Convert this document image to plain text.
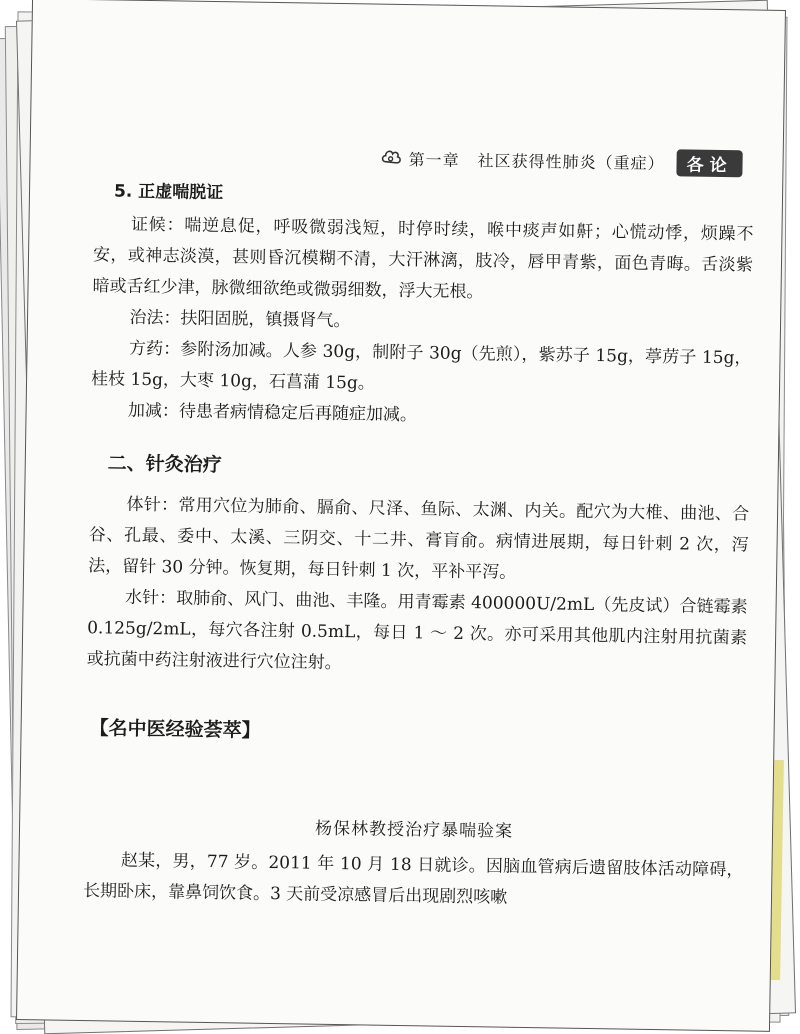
第一章 社区获得性肺炎（重症）	各论
5. 正虚喘脱证

证候：喘逆息促，呼吸微弱浅短，时停时续，喉中痰声如鼾；心慌动悸，烦躁不安，或神志淡漠，甚则昏沉模糊不清，大汗淋漓，肢冷，唇甲青紫，面色青晦。舌淡紫暗或舌红少津，脉微细欲绝或微弱细数，浮大无根。

治法：扶阳固脱，镇摄肾气。

方药：参附汤加减。人参 30g，制附子 30g（先煎），紫苏子 15g，葶苈子 15g，桂枝 15g，大枣 10g，石菖蒲 15g。

加减：待患者病情稳定后再随症加减。

二、针灸治疗

体针：常用穴位为肺俞、膈俞、尺泽、鱼际、太渊、内关。配穴为大椎、曲池、合谷、孔最、委中、太溪、三阴交、十二井、膏肓俞。病情进展期，每日针刺 2 次，泻法，留针 30 分钟。恢复期，每日针刺 1 次，平补平泻。

水针：取肺俞、风门、曲池、丰隆。用青霉素 400000U/2mL（先皮试）合链霉素 0.125g/2mL，每穴各注射 0.5mL，每日 1 ～ 2 次。亦可采用其他肌内注射用抗菌素或抗菌中药注射液进行穴位注射。

【名中医经验荟萃】
杨保林教授治疗暴喘验案

赵某，男，77 岁。2011 年 10 月 18 日就诊。因脑血管病后遗留肢体活动障碍，长期卧床，靠鼻饲饮食。3 天前受凉感冒后出现剧烈咳嗽
